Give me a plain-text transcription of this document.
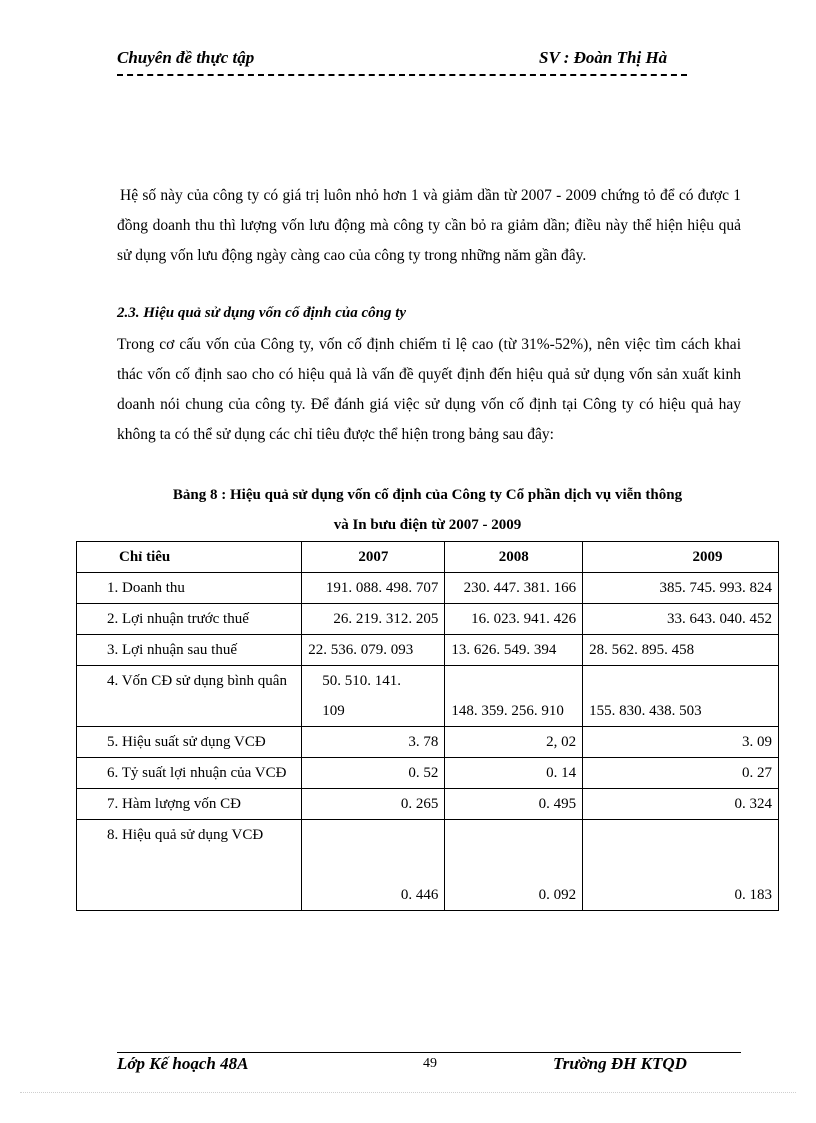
Chuyên đề thực tập	SV : Đoàn Thị Hà
Hệ số này của công ty có giá trị luôn nhỏ hơn 1 và giảm dần từ 2007 - 2009 chứng tỏ để có được 1 đồng doanh thu thì lượng vốn lưu động mà công ty cần bỏ ra giảm dần; điều này thể hiện hiệu quả sử dụng vốn lưu động ngày càng cao của công ty trong những năm gần đây.
2.3. Hiệu quả sử dụng vốn cố định của công ty
Trong cơ cấu vốn của Công ty, vốn cố định chiếm tỉ lệ cao (từ 31%-52%), nên việc tìm cách khai thác vốn cố định sao cho có hiệu quả là vấn đề quyết định đến hiệu quả sử dụng vốn sản xuất kinh doanh nói chung của công ty. Để đánh giá việc sử dụng vốn cố định tại Công ty có hiệu quả hay không ta có thể sử dụng các chỉ tiêu được thể hiện trong bảng sau đây:
Bảng 8 : Hiệu quả sử dụng vốn cố định của Công ty Cổ phần dịch vụ viễn thông
và In bưu điện từ 2007 - 2009
Chỉ tiêu	2007	2008	2009
1. Doanh thu	191. 088. 498. 707	230. 447. 381. 166	385. 745. 993. 824
2. Lợi nhuận trước thuế	26. 219. 312. 205	16. 023. 941. 426	33. 643. 040. 452
3. Lợi nhuận sau thuế	22. 536. 079. 093	13. 626. 549. 394	28. 562. 895. 458
4. Vốn CĐ sử dụng bình quân	50. 510. 141. 109	148. 359. 256. 910	155. 830. 438. 503
5. Hiệu suất sử dụng VCĐ	3. 78	2, 02	3. 09
6. Tỷ suất lợi nhuận của VCĐ	0. 52	0. 14	0. 27
7. Hàm lượng vốn CĐ	0. 265	0. 495	0. 324
8. Hiệu quả sử dụng VCĐ	0. 446	0. 092	0. 183
Lớp Kế hoạch 48A	49	Trường ĐH KTQD
